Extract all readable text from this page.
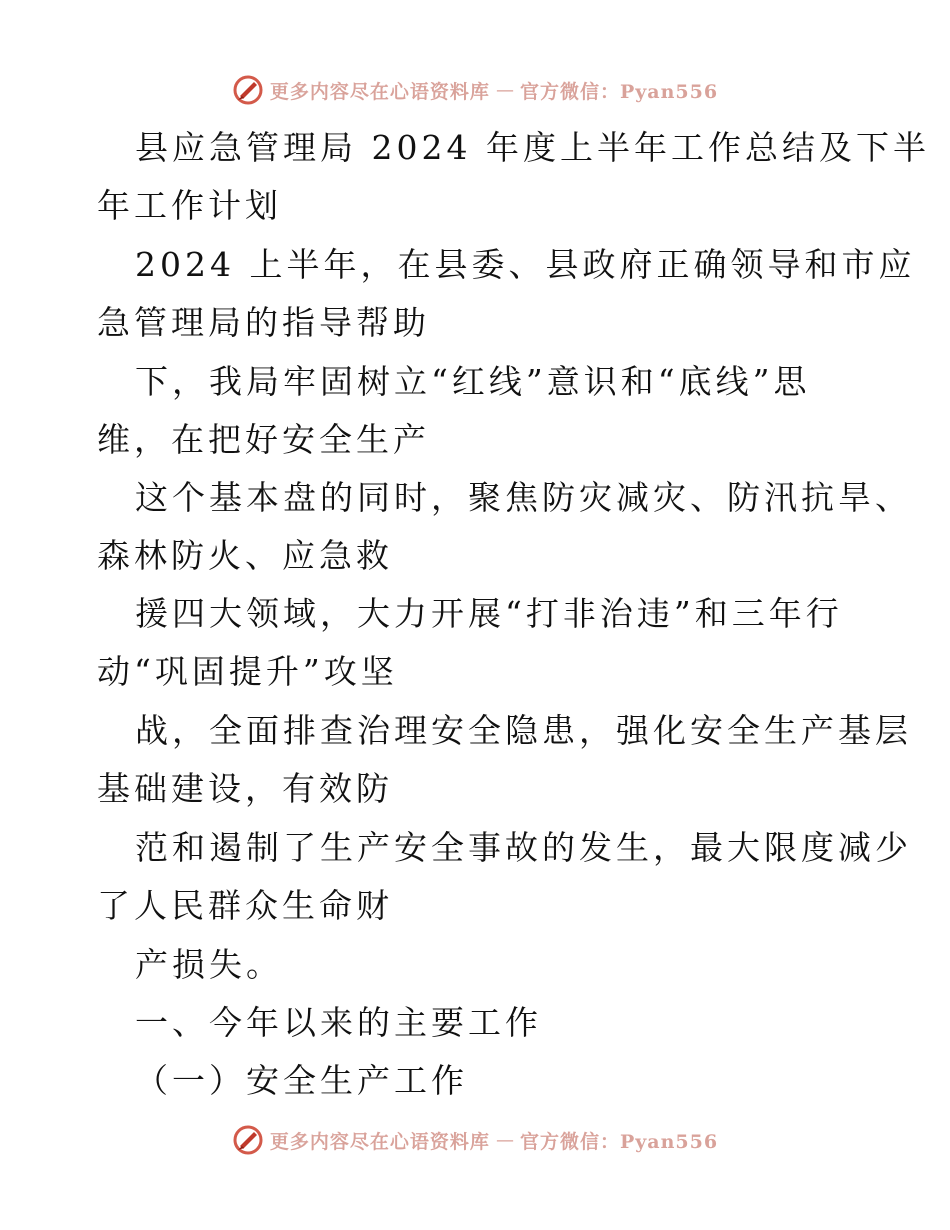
更多内容尽在心语资料库 — 官方微信：Pyan556
县应急管理局 2024 年度上半年工作总结及下半
年工作计划
2024 上半年，在县委、县政府正确领导和市应
急管理局的指导帮助
下，我局牢固树立“红线”意识和“底线”思
维，在把好安全生产
这个基本盘的同时，聚焦防灾减灾、防汛抗旱、
森林防火、应急救
援四大领域，大力开展“打非治违”和三年行
动“巩固提升”攻坚
战，全面排查治理安全隐患，强化安全生产基层
基础建设，有效防
范和遏制了生产安全事故的发生，最大限度减少
了人民群众生命财
产损失。
一、今年以来的主要工作
（一）安全生产工作
更多内容尽在心语资料库 — 官方微信：Pyan556
